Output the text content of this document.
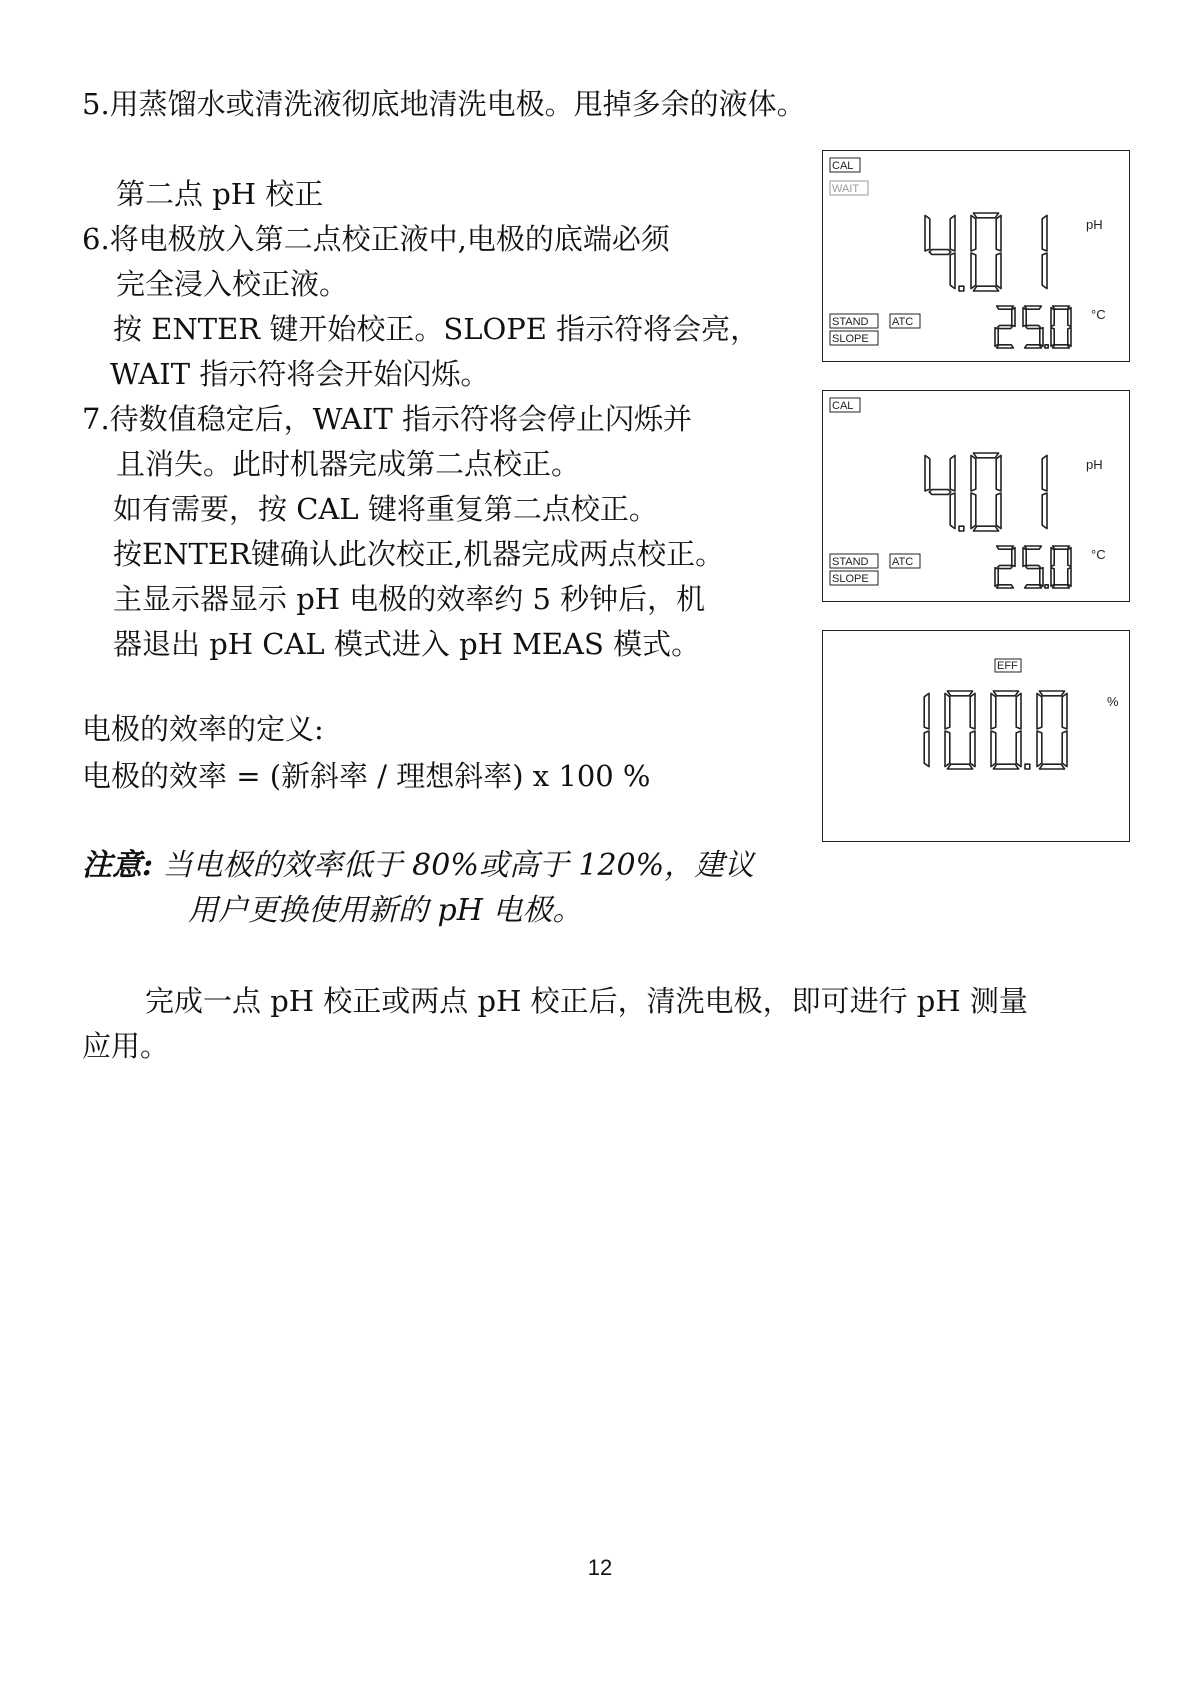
5.用蒸馏水或清洗液彻底地清洗电极。甩掉多余的液体。
第二点 pH 校正
6.将电极放入第二点校正液中,电极的底端必须
完全浸入校正液。
按 ENTER 键开始校正。SLOPE 指示符将会亮，
WAIT 指示符将会开始闪烁。
7.待数值稳定后，WAIT 指示符将会停止闪烁并
且消失。此时机器完成第二点校正。
如有需要，按 CAL 键将重复第二点校正。
按ENTER键确认此次校正,机器完成两点校正。
主显示器显示 pH 电极的效率约 5 秒钟后，机
器退出 pH CAL 模式进入 pH MEAS 模式。
电极的效率的定义:
电极的效率 = (新斜率 / 理想斜率) x 100 %
注意: 当电极的效率低于 80%或高于 120%，建议
用户更换使用新的 pH 电极。
完成一点 pH 校正或两点 pH 校正后，清洗电极，即可进行 pH 测量
应用。
12
CAL
WAIT
pH
STAND ATC
SLOPE
°C
CAL
pH
STAND ATC
SLOPE
°C
EFF
%
